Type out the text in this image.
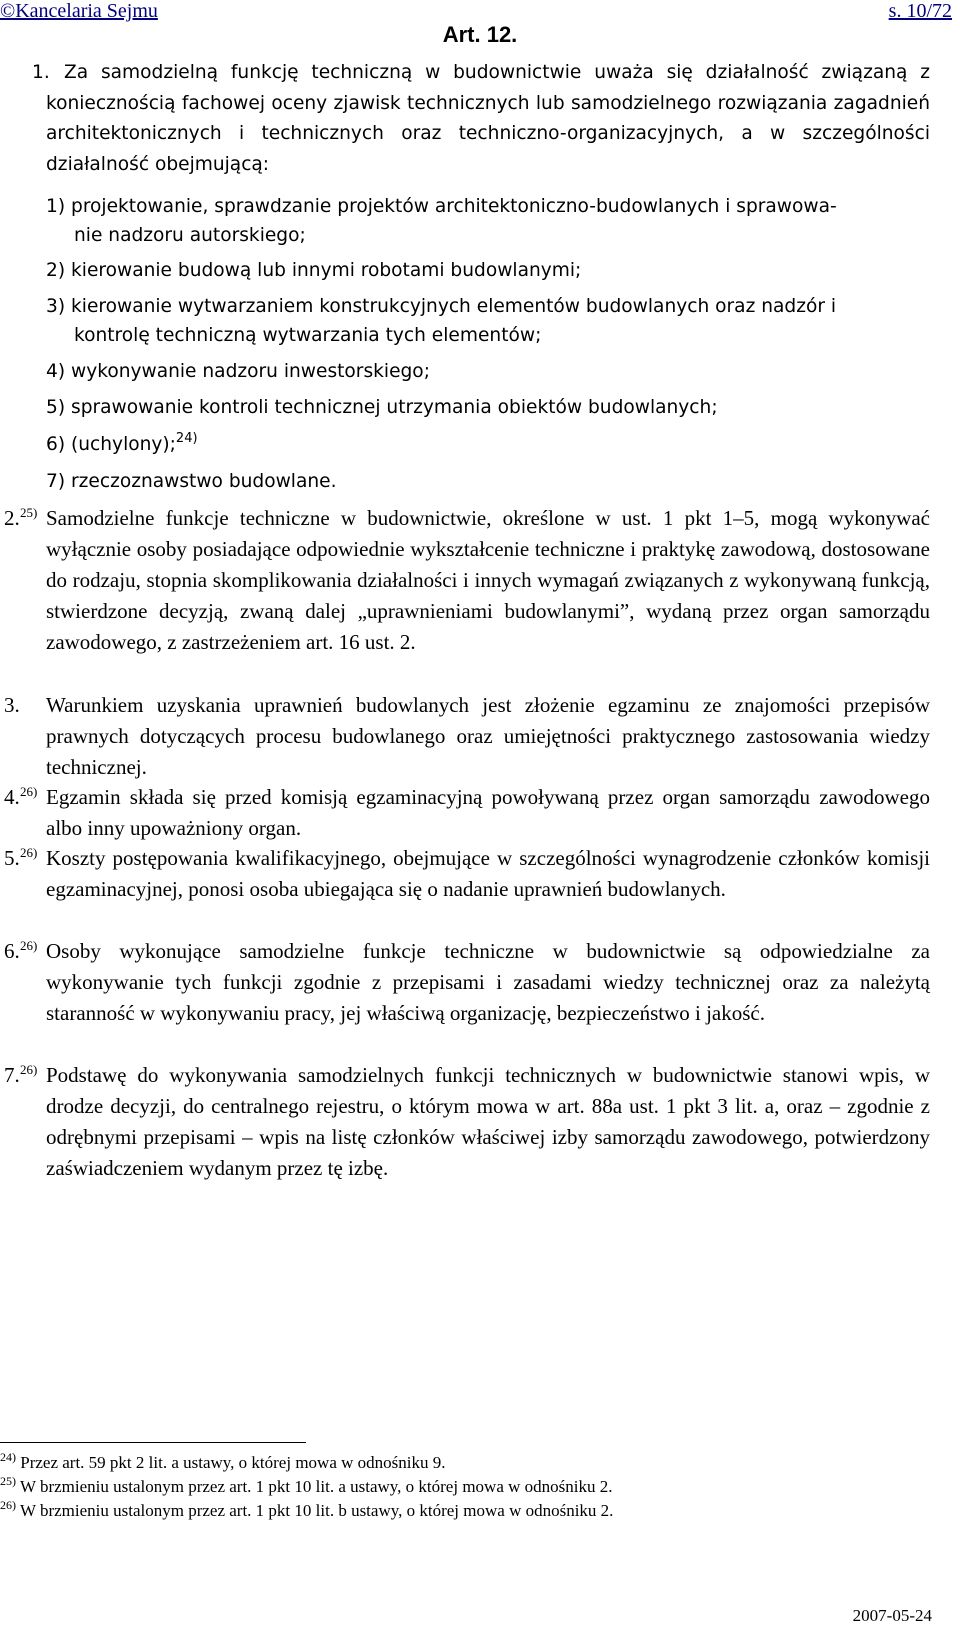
©Kancelaria Sejmu	s. 10/72
Art. 12.
1. Za samodzielną funkcję techniczną w budownictwie uważa się działalność związaną z koniecznością fachowej oceny zjawisk technicznych lub samodzielnego rozwiązania zagadnień architektonicznych i technicznych oraz techniczno-organizacyjnych, a w szczególności działalność obejmującą:
1) projektowanie, sprawdzanie projektów architektoniczno-budowlanych i sprawowa-
nie nadzoru autorskiego;
2) kierowanie budową lub innymi robotami budowlanymi;
3) kierowanie wytwarzaniem konstrukcyjnych elementów budowlanych oraz nadzór i
kontrolę techniczną wytwarzania tych elementów;
4) wykonywanie nadzoru inwestorskiego;
5) sprawowanie kontroli technicznej utrzymania obiektów budowlanych;
6) (uchylony);$^{24)}$
7) rzeczoznawstwo budowlane.
2. $^{25)}$ Samodzielne funkcje techniczne w budownictwie, określone w ust. 1 pkt 1–5, mogą wykonywać wyłącznie osoby posiadające odpowiednie wykształcenie techniczne i praktykę zawodową, dostosowane do rodzaju, stopnia skomplikowania działalności i innych wymagań związanych z wykonywaną funkcją, stwierdzone decyzją, zwaną dalej „uprawnieniami budowlanymi”, wydaną przez organ samorządu zawodowego, z zastrzeżeniem art. 16 ust. 2.
3. Warunkiem uzyskania uprawnień budowlanych jest złożenie egzaminu ze znajomości przepisów prawnych dotyczących procesu budowlanego oraz umiejętności praktycznego zastosowania wiedzy technicznej.
4. $^{26)}$ Egzamin składa się przed komisją egzaminacyjną powoływaną przez organ samorządu zawodowego albo inny upoważniony organ.
5. $^{26)}$ Koszty postępowania kwalifikacyjnego, obejmujące w szczególności wynagrodzenie członków komisji egzaminacyjnej, ponosi osoba ubiegająca się o nadanie uprawnień budowlanych.
6. $^{26)}$ Osoby wykonujące samodzielne funkcje techniczne w budownictwie są odpowiedzialne za wykonywanie tych funkcji zgodnie z przepisami i zasadami wiedzy technicznej oraz za należytą staranność w wykonywaniu pracy, jej właściwą organizację, bezpieczeństwo i jakość.
7. $^{26)}$ Podstawę do wykonywania samodzielnych funkcji technicznych w budownictwie stanowi wpis, w drodze decyzji, do centralnego rejestru, o którym mowa w art. 88a ust. 1 pkt 3 lit. a, oraz – zgodnie z odrębnymi przepisami – wpis na listę członków właściwej izby samorządu zawodowego, potwierdzony zaświadczeniem wydanym przez tę izbę.
$^{24)}$ Przez art. 59 pkt 2 lit. a ustawy, o której mowa w odnośniku 9.
$^{25)}$ W brzmieniu ustalonym przez art. 1 pkt 10 lit. a ustawy, o której mowa w odnośniku 2.
$^{26)}$ W brzmieniu ustalonym przez art. 1 pkt 10 lit. b ustawy, o której mowa w odnośniku 2.
2007-05-24
